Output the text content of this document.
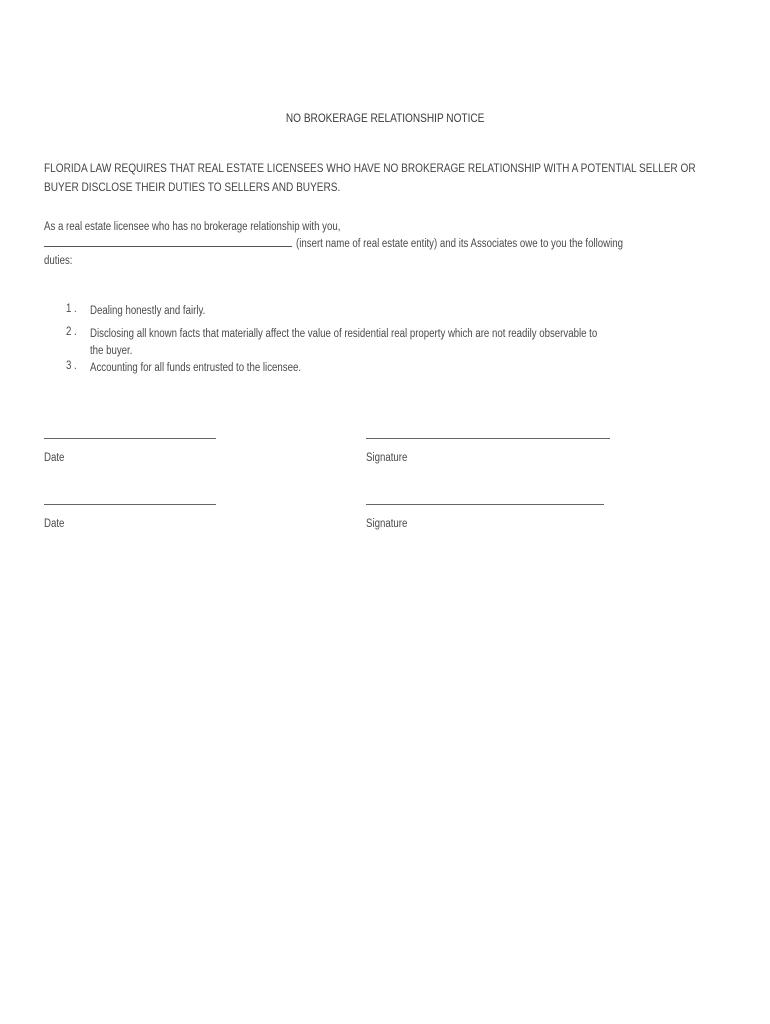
NO BROKERAGE RELATIONSHIP NOTICE
FLORIDA LAW REQUIRES THAT REAL ESTATE LICENSEES WHO HAVE NO BROKERAGE RELATIONSHIP WITH A POTENTIAL SELLER OR
BUYER DISCLOSE THEIR DUTIES TO SELLERS AND BUYERS.
As a real estate licensee who has no brokerage relationship with you,
(insert name of real estate entity) and its Associates owe to you the following
duties:
1 .	Dealing honestly and fairly.
2 .	Disclosing all known facts that materially affect the value of residential real property which are not readily observable to
the buyer.
3 .	Accounting for all funds entrusted to the licensee.
Date	Signature
Date	Signature
